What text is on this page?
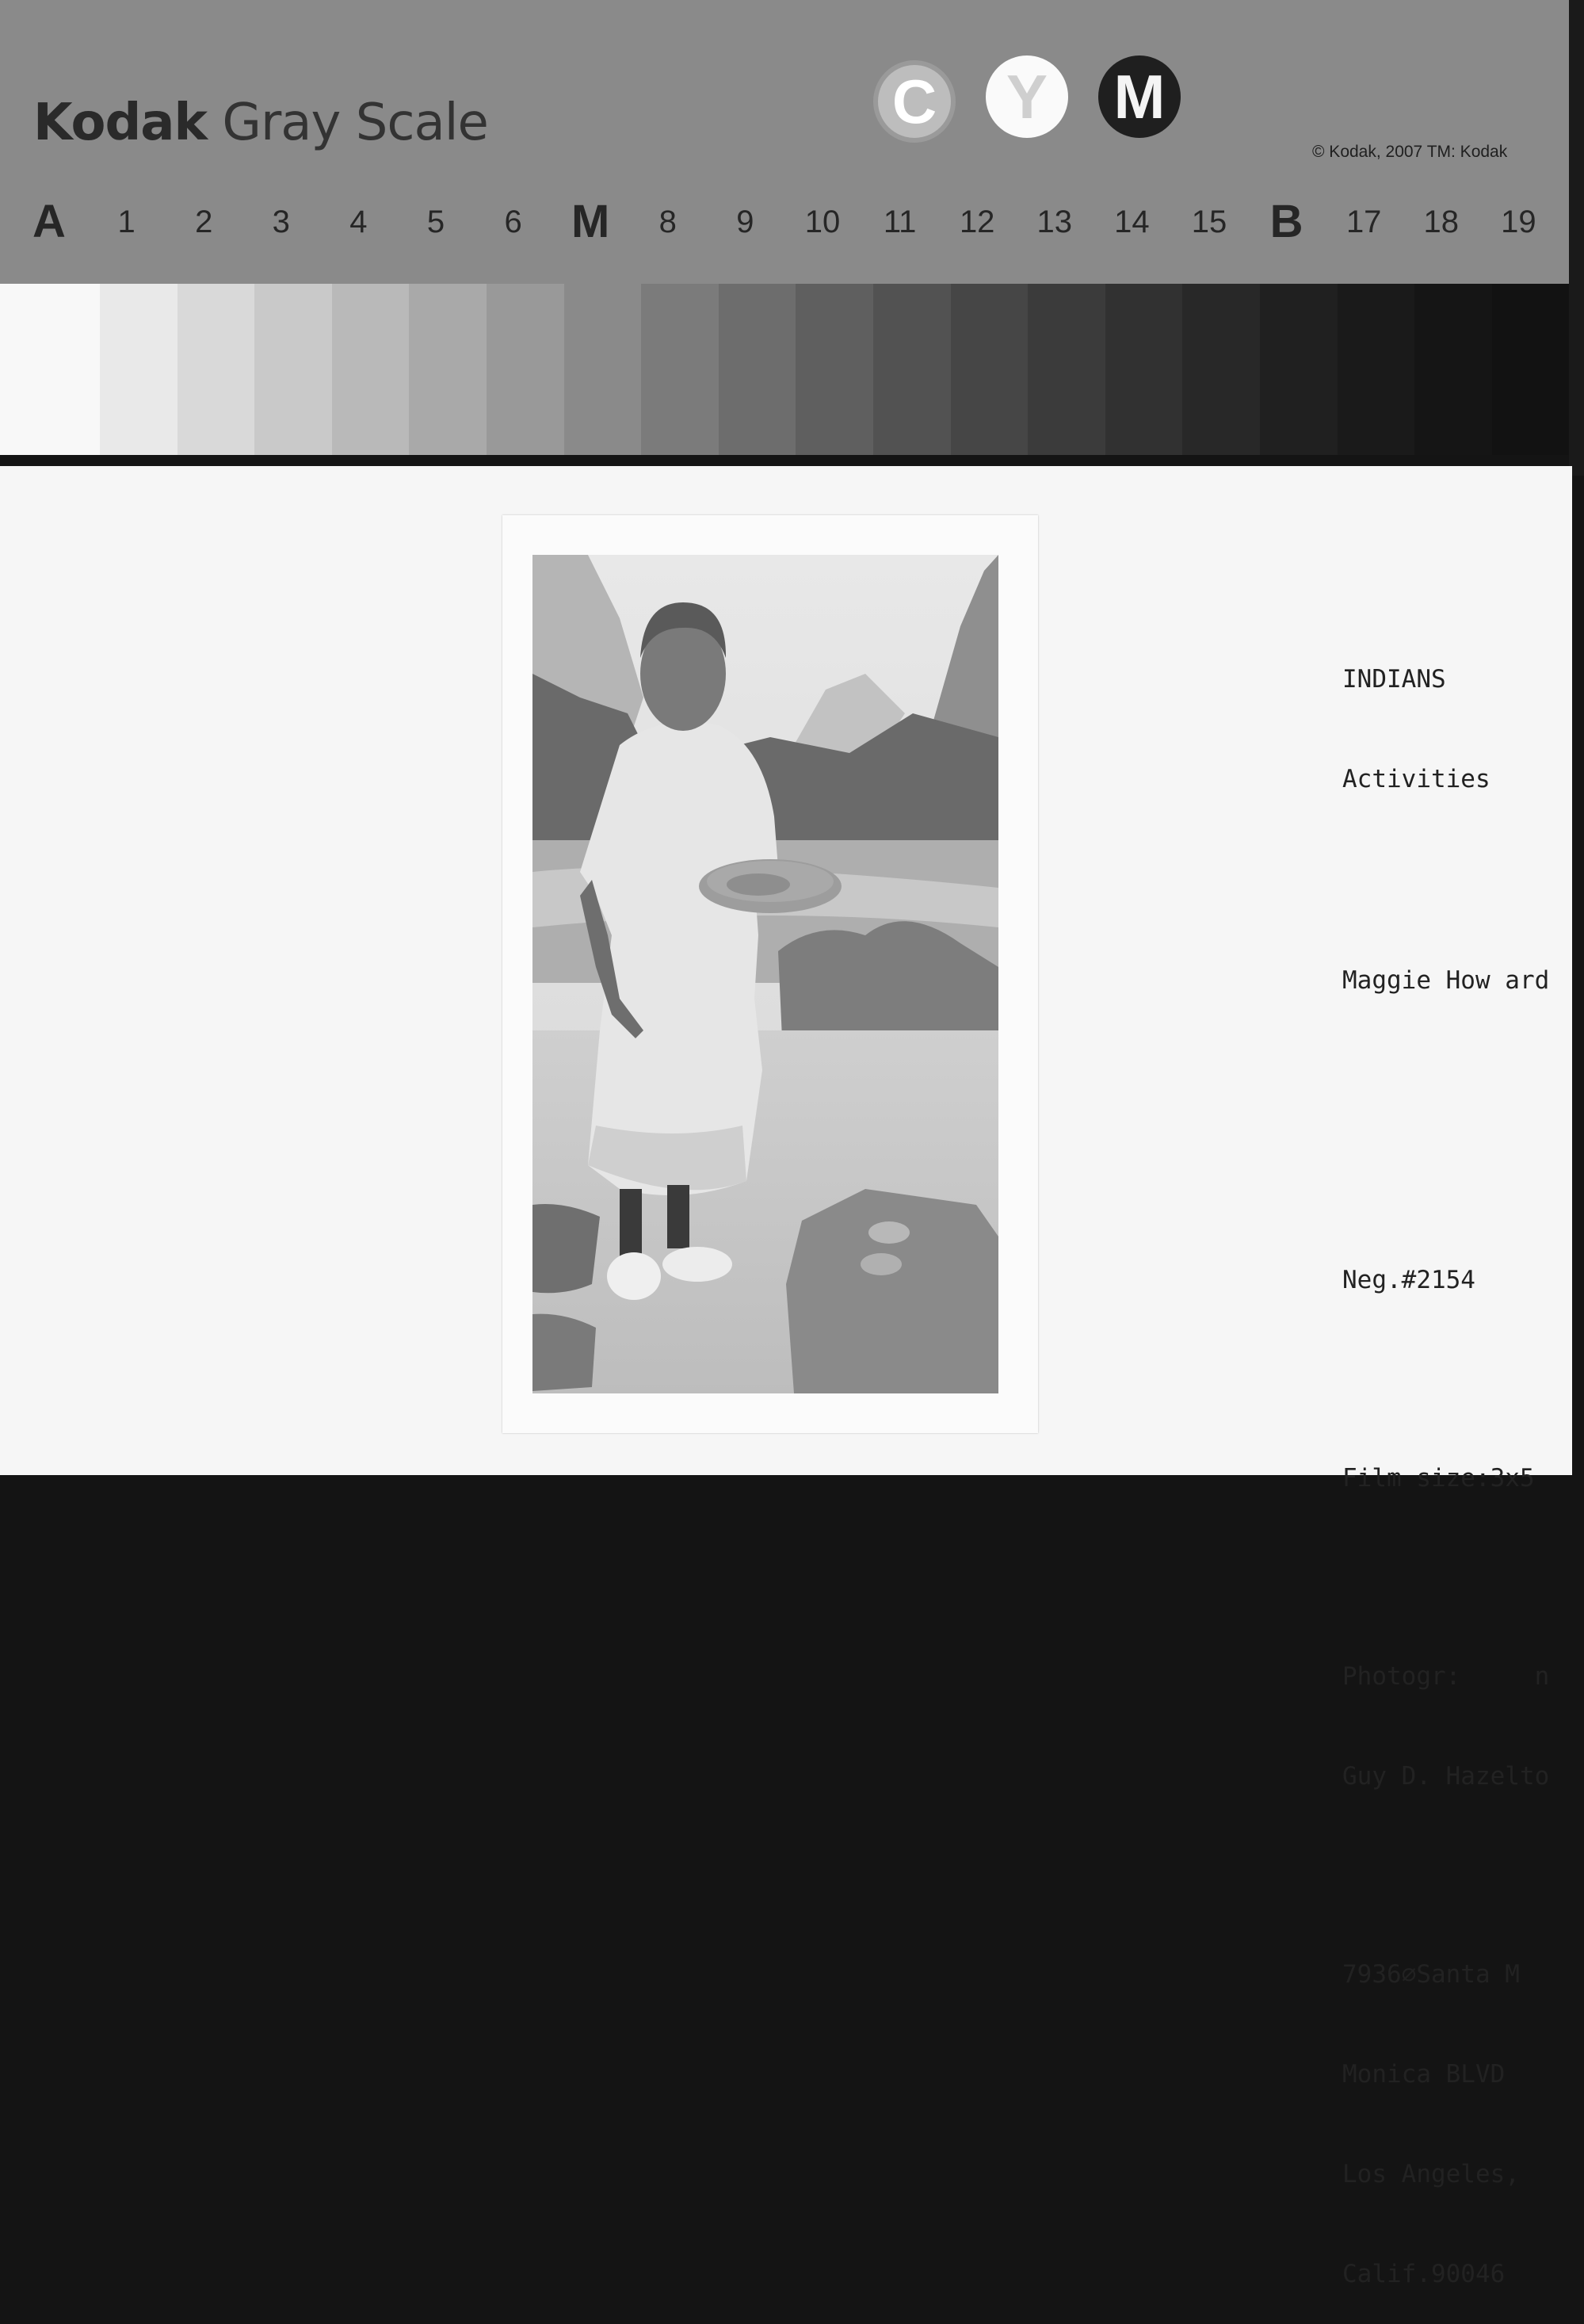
Kodak Gray Scale	C	Y	M
© Kodak, 2007 TM: Kodak
A 1 2 3 4 5 6 M 8 9 10 11 12 13 14 15 B 17 18 19

INDIANS

Activities

Maggie How ard

Neg.#2154

Film size:3x5

Photogr:     n

Guy D. Hazelto

7936∅Santa M

Monica BLVD

Los Angeles,

Calif.90046
